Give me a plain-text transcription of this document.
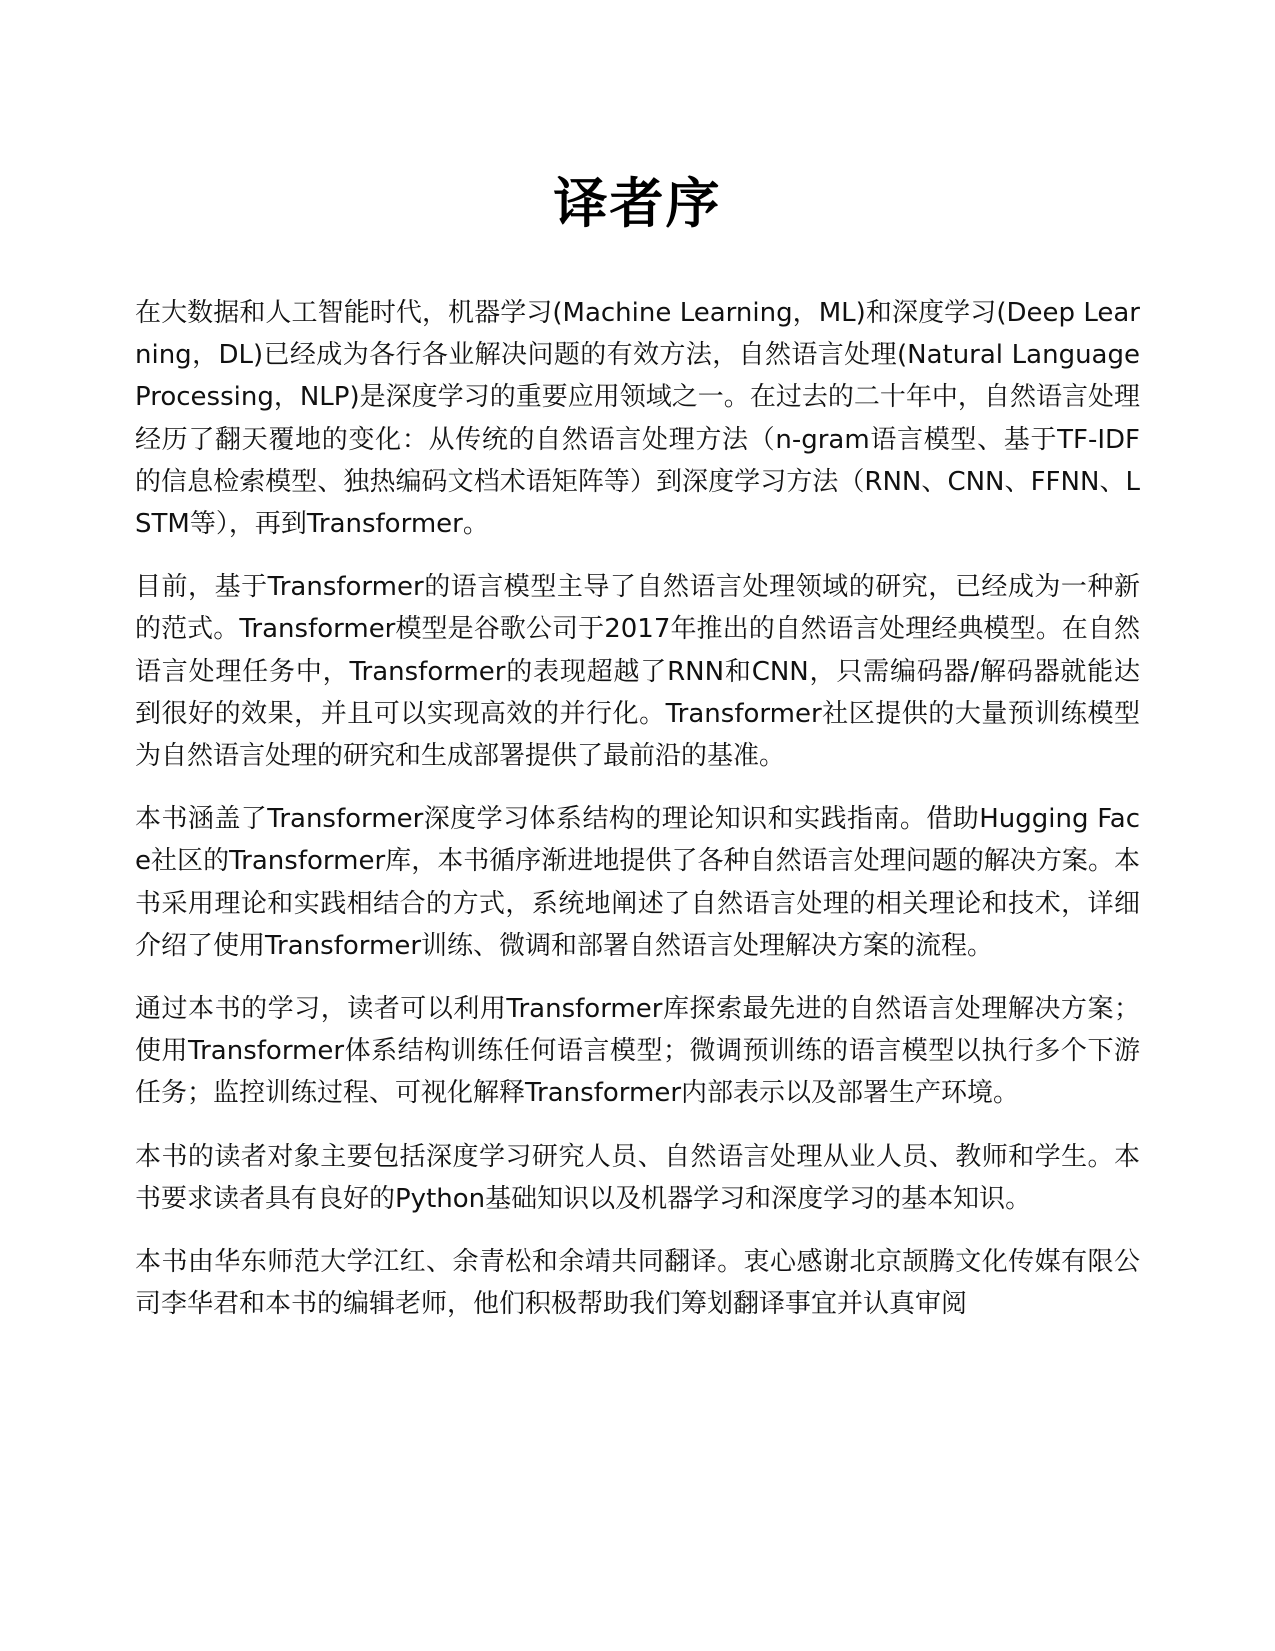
译者序

在大数据和人工智能时代，机器学习(Machine Learning，ML)和深度学习(Deep Learning，DL)已经成为各行各业解决问题的有效方法，自然语言处理(Natural Language Processing，NLP)是深度学习的重要应用领域之一。在过去的二十年中，自然语言处理经历了翻天覆地的变化：从传统的自然语言处理方法（n-gram语言模型、基于TF-IDF的信息检索模型、独热编码文档术语矩阵等）到深度学习方法（RNN、CNN、FFNN、LSTM等），再到Transformer。

目前，基于Transformer的语言模型主导了自然语言处理领域的研究，已经成为一种新的范式。Transformer模型是谷歌公司于2017年推出的自然语言处理经典模型。在自然语言处理任务中，Transformer的表现超越了RNN和CNN，只需编码器/解码器就能达到很好的效果，并且可以实现高效的并行化。Transformer社区提供的大量预训练模型为自然语言处理的研究和生成部署提供了最前沿的基准。

本书涵盖了Transformer深度学习体系结构的理论知识和实践指南。借助Hugging Face社区的Transformer库，本书循序渐进地提供了各种自然语言处理问题的解决方案。本书采用理论和实践相结合的方式，系统地阐述了自然语言处理的相关理论和技术，详细介绍了使用Transformer训练、微调和部署自然语言处理解决方案的流程。

通过本书的学习，读者可以利用Transformer库探索最先进的自然语言处理解决方案；使用Transformer体系结构训练任何语言模型；微调预训练的语言模型以执行多个下游任务；监控训练过程、可视化解释Transformer内部表示以及部署生产环境。

本书的读者对象主要包括深度学习研究人员、自然语言处理从业人员、教师和学生。本书要求读者具有良好的Python基础知识以及机器学习和深度学习的基本知识。

本书由华东师范大学江红、余青松和余靖共同翻译。衷心感谢北京颉腾文化传媒有限公司李华君和本书的编辑老师，他们积极帮助我们筹划翻译事宜并认真审阅
